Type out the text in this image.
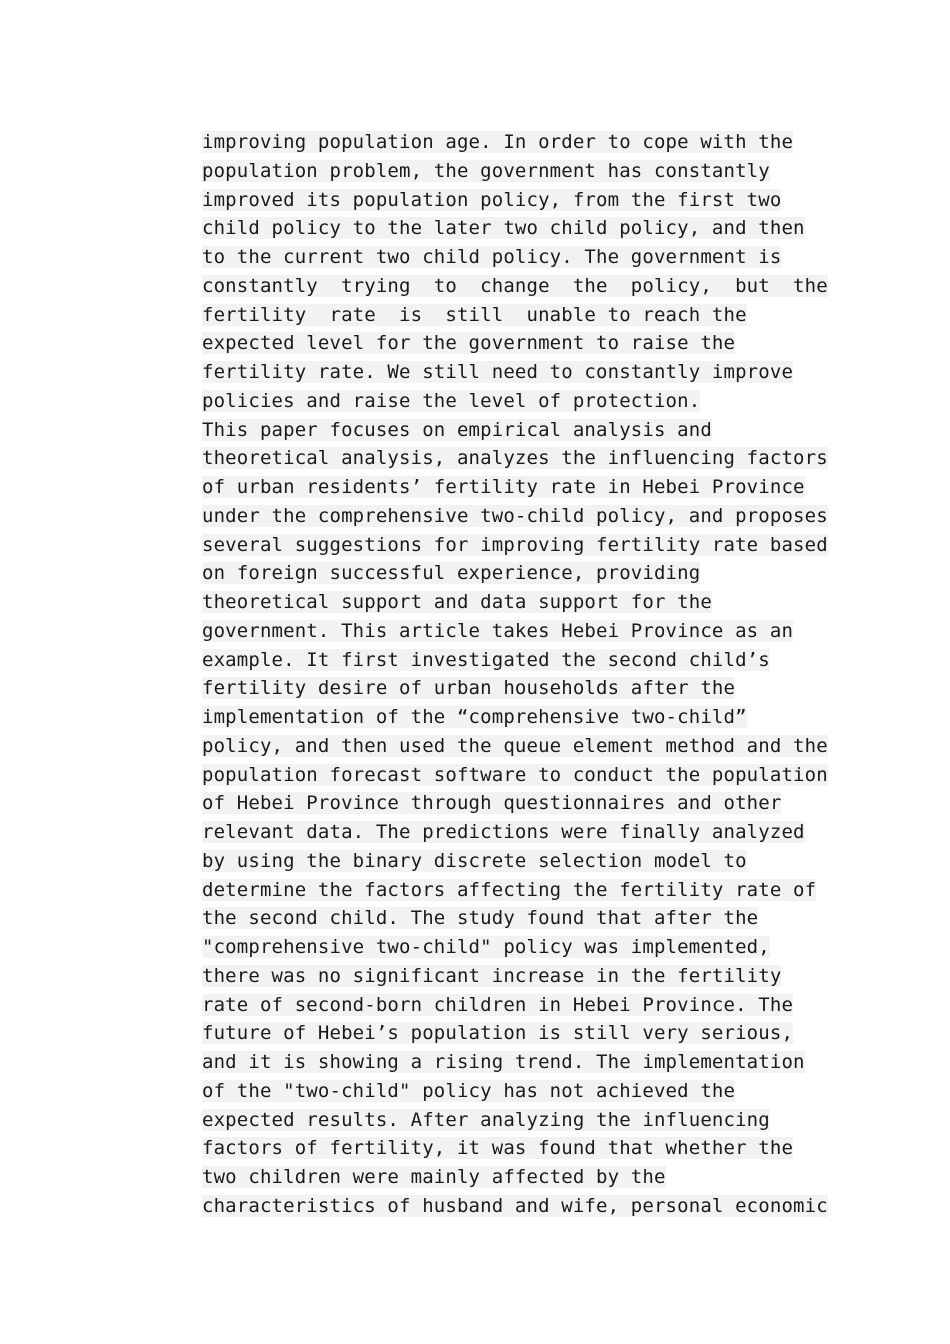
improving population age. In order to cope with the
population problem, the government has constantly
improved its population policy, from the first two
child policy to the later two child policy, and then
to the current two child policy. The government is
constantly  trying  to  change  the  policy,  but  the
fertility  rate  is  still  unable to reach the
expected level for the government to raise the
fertility rate. We still need to constantly improve
policies and raise the level of protection.
This paper focuses on empirical analysis and
theoretical analysis, analyzes the influencing factors
of urban residents’ fertility rate in Hebei Province
under the comprehensive two-child policy, and proposes
several suggestions for improving fertility rate based
on foreign successful experience, providing
theoretical support and data support for the
government. This article takes Hebei Province as an
example. It first investigated the second child’s
fertility desire of urban households after the
implementation of the “comprehensive two-child”
policy, and then used the queue element method and the
population forecast software to conduct the population
of Hebei Province through questionnaires and other
relevant data. The predictions were finally analyzed
by using the binary discrete selection model to
determine the factors affecting the fertility rate of
the second child. The study found that after the
"comprehensive two-child" policy was implemented,
there was no significant increase in the fertility
rate of second-born children in Hebei Province. The
future of Hebei’s population is still very serious,
and it is showing a rising trend. The implementation
of the "two-child" policy has not achieved the
expected results. After analyzing the influencing
factors of fertility, it was found that whether the
two children were mainly affected by the
characteristics of husband and wife, personal economic
